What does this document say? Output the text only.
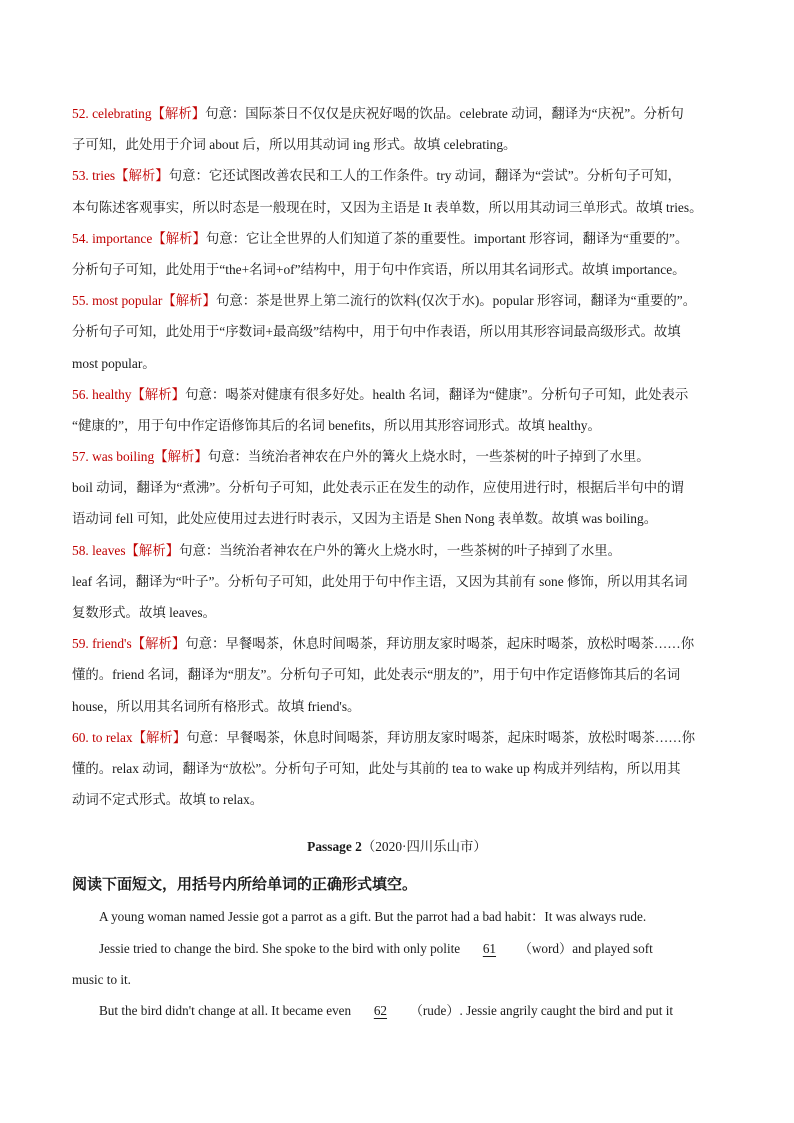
52. celebrating【解析】句意：国际茶日不仅仅是庆祝好喝的饮品。celebrate 动词，翻译为“庆祝”。分析句
子可知，此处用于介词 about 后，所以用其动词 ing 形式。故填 celebrating。
53. tries【解析】句意：它还试图改善农民和工人的工作条件。try 动词，翻译为“尝试”。分析句子可知，
本句陈述客观事实，所以时态是一般现在时，又因为主语是 It 表单数，所以用其动词三单形式。故填 tries。
54. importance【解析】句意：它让全世界的人们知道了茶的重要性。important 形容词，翻译为“重要的”。
分析句子可知，此处用于“the+名词+of”结构中，用于句中作宾语，所以用其名词形式。故填 importance。
55. most popular【解析】句意：茶是世界上第二流行的饮料(仅次于水)。popular 形容词，翻译为“重要的”。
分析句子可知，此处用于“序数词+最高级”结构中，用于句中作表语，所以用其形容词最高级形式。故填
most popular。
56. healthy【解析】句意：喝茶对健康有很多好处。health 名词，翻译为“健康”。分析句子可知，此处表示
“健康的”，用于句中作定语修饰其后的名词 benefits，所以用其形容词形式。故填 healthy。
57. was boiling【解析】句意：当统治者神农在户外的篝火上烧水时，一些茶树的叶子掉到了水里。
boil 动词，翻译为“煮沸”。分析句子可知，此处表示正在发生的动作，应使用进行时，根据后半句中的谓
语动词 fell 可知，此处应使用过去进行时表示，又因为主语是 Shen Nong 表单数。故填 was boiling。
58. leaves【解析】句意：当统治者神农在户外的篝火上烧水时，一些茶树的叶子掉到了水里。
leaf 名词，翻译为“叶子”。分析句子可知，此处用于句中作主语，又因为其前有 sone 修饰，所以用其名词
复数形式。故填 leaves。
59. friend's【解析】句意：早餐喝茶，休息时间喝茶，拜访朋友家时喝茶，起床时喝茶，放松时喝茶……你
懂的。friend 名词，翻译为“朋友”。分析句子可知，此处表示“朋友的”，用于句中作定语修饰其后的名词
house，所以用其名词所有格形式。故填 friend's。
60. to relax【解析】句意：早餐喝茶，休息时间喝茶，拜访朋友家时喝茶，起床时喝茶，放松时喝茶……你
懂的。relax 动词，翻译为“放松”。分析句子可知，此处与其前的 tea to wake up 构成并列结构，所以用其
动词不定式形式。故填 to relax。
Passage 2（2020·四川乐山市）
阅读下面短文，用括号内所给单词的正确形式填空。
A young woman named Jessie got a parrot as a gift. But the parrot had a bad habit：It was always rude.
Jessie tried to change the bird. She spoke to the bird with only polite 61 （word）and played soft
music to it.
But the bird didn't change at all. It became even 62 （rude）. Jessie angrily caught the bird and put it
